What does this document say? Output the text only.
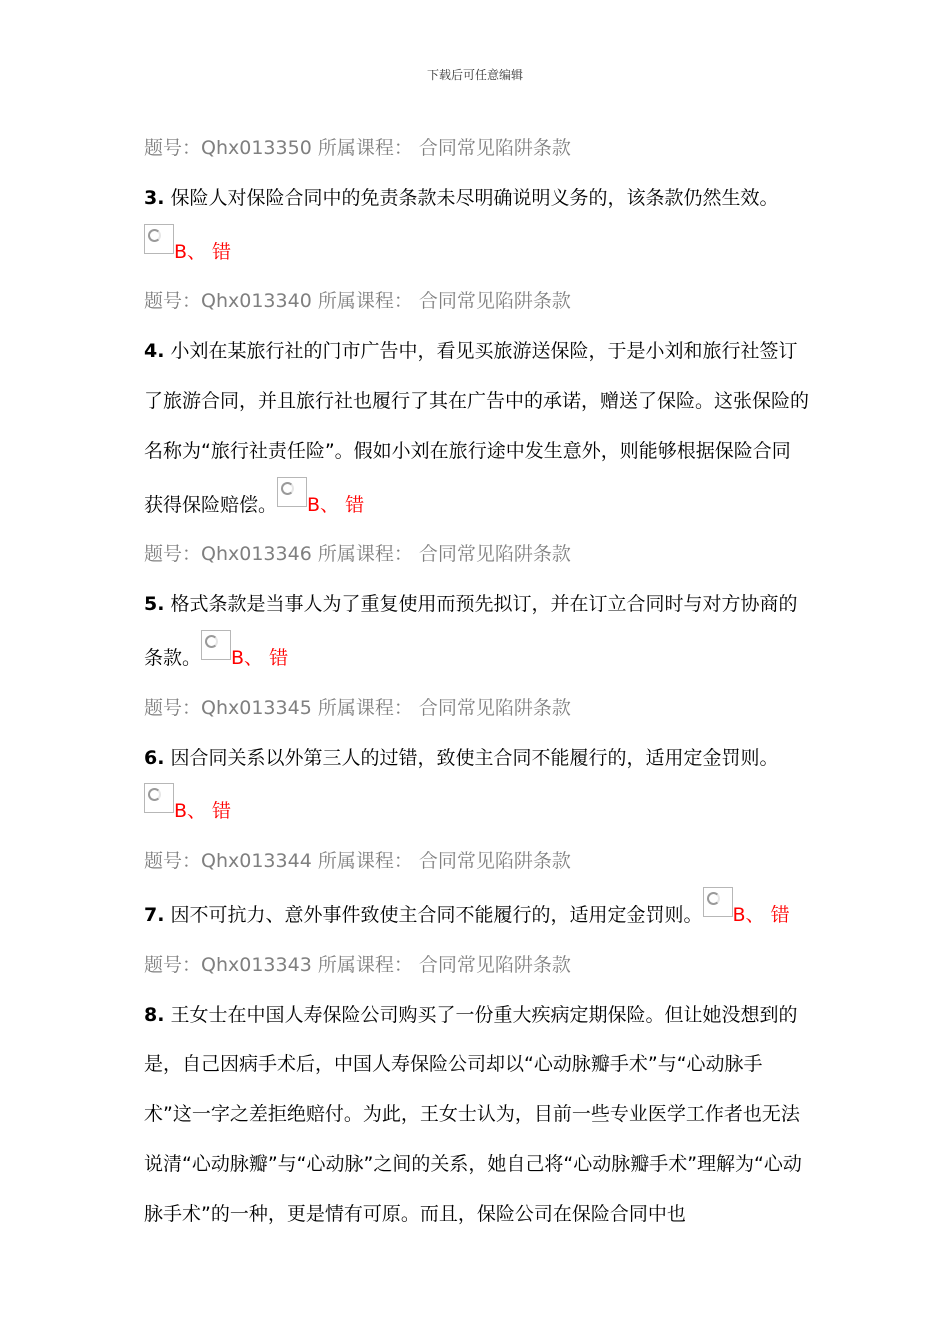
下载后可任意编辑
题号：Qhx013350 所属课程： 合同常见陷阱条款
3. 保险人对保险合同中的免责条款未尽明确说明义务的，该条款仍然生效。
B、 错
题号：Qhx013340 所属课程： 合同常见陷阱条款
4. 小刘在某旅行社的门市广告中，看见买旅游送保险，于是小刘和旅行社签订了旅游合同，并且旅行社也履行了其在广告中的承诺，赠送了保险。这张保险的名称为“旅行社责任险”。假如小刘在旅行途中发生意外，则能够根据保险合同获得保险赔偿。 B、 错
题号：Qhx013346 所属课程： 合同常见陷阱条款
5. 格式条款是当事人为了重复使用而预先拟订，并在订立合同时与对方协商的条款。 B、 错
题号：Qhx013345 所属课程： 合同常见陷阱条款
6. 因合同关系以外第三人的过错，致使主合同不能履行的，适用定金罚则。
B、 错
题号：Qhx013344 所属课程： 合同常见陷阱条款
7. 因不可抗力、意外事件致使主合同不能履行的，适用定金罚则。 B、 错
题号：Qhx013343 所属课程： 合同常见陷阱条款
8. 王女士在中国人寿保险公司购买了一份重大疾病定期保险。但让她没想到的是，自己因病手术后，中国人寿保险公司却以“心动脉瓣手术”与“心动脉手术”这一字之差拒绝赔付。为此，王女士认为，目前一些专业医学工作者也无法说清“心动脉瓣”与“心动脉”之间的关系，她自己将“心动脉瓣手术”理解为“心动脉手术”的一种，更是情有可原。而且，保险公司在保险合同中也
